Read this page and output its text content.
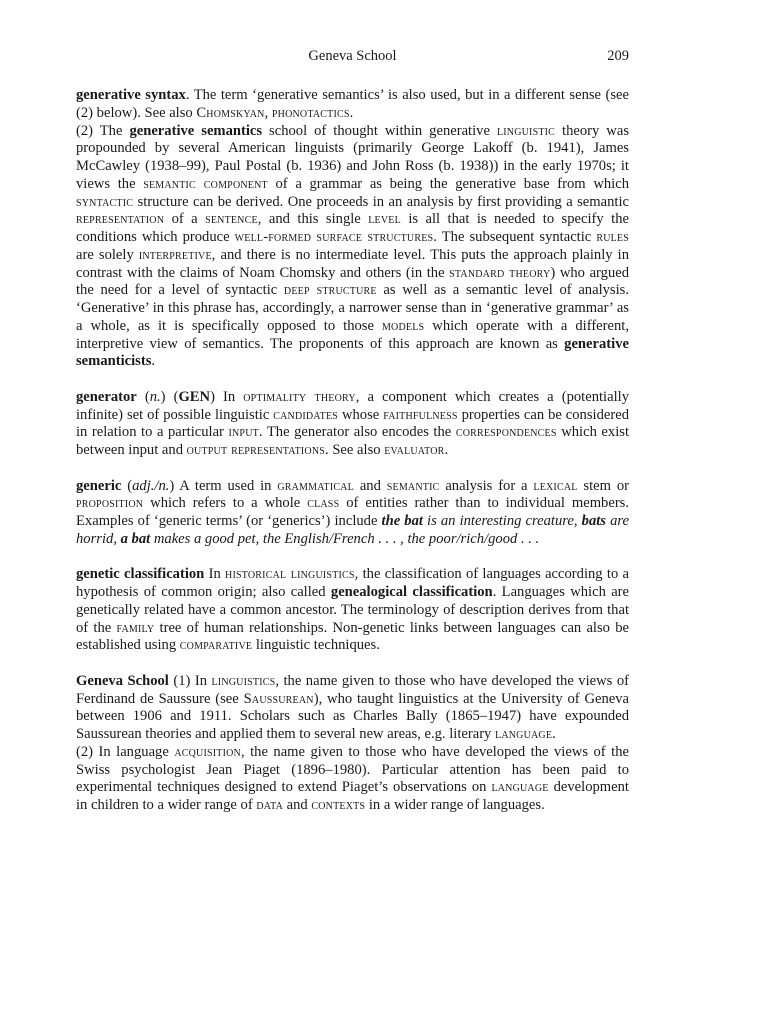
Geneva School	209

generative syntax. The term ‘generative semantics’ is also used, but in a different sense (see (2) below). See also Chomskyan, phonotactics.

(2) The generative semantics school of thought within generative linguistic theory was propounded by several American linguists (primarily George Lakoff (b. 1941), James McCawley (1938–99), Paul Postal (b. 1936) and John Ross (b. 1938)) in the early 1970s; it views the semantic component of a grammar as being the generative base from which syntactic structure can be derived. One proceeds in an analysis by first providing a semantic representation of a sentence, and this single level is all that is needed to specify the conditions which produce well-formed surface structures. The subsequent syntactic rules are solely interpretive, and there is no intermediate level. This puts the approach plainly in contrast with the claims of Noam Chomsky and others (in the standard theory) who argued the need for a level of syntactic deep structure as well as a semantic level of analysis. ‘Generative’ in this phrase has, accordingly, a narrower sense than in ‘generative grammar’ as a whole, as it is specifically opposed to those models which operate with a different, interpretive view of semantics. The proponents of this approach are known as generative semanticists.

generator (n.) (GEN) In optimality theory, a component which creates a (potentially infinite) set of possible linguistic candidates whose faithfulness properties can be considered in relation to a particular input. The generator also encodes the correspondences which exist between input and output representations. See also evaluator.

generic (adj./n.) A term used in grammatical and semantic analysis for a lexical stem or proposition which refers to a whole class of entities rather than to individual members. Examples of ‘generic terms’ (or ‘generics’) include the bat is an interesting creature, bats are horrid, a bat makes a good pet, the English/French . . . , the poor/rich/good . . .

genetic classification In historical linguistics, the classification of languages according to a hypothesis of common origin; also called genealogical classification. Languages which are genetically related have a common ancestor. The terminology of description derives from that of the family tree of human relationships. Non-genetic links between languages can also be established using comparative linguistic techniques.

Geneva School (1) In linguistics, the name given to those who have developed the views of Ferdinand de Saussure (see Saussurean), who taught linguistics at the University of Geneva between 1906 and 1911. Scholars such as Charles Bally (1865–1947) have expounded Saussurean theories and applied them to several new areas, e.g. literary language.

(2) In language acquisition, the name given to those who have developed the views of the Swiss psychologist Jean Piaget (1896–1980). Particular attention has been paid to experimental techniques designed to extend Piaget’s observations on language development in children to a wider range of data and contexts in a wider range of languages.
